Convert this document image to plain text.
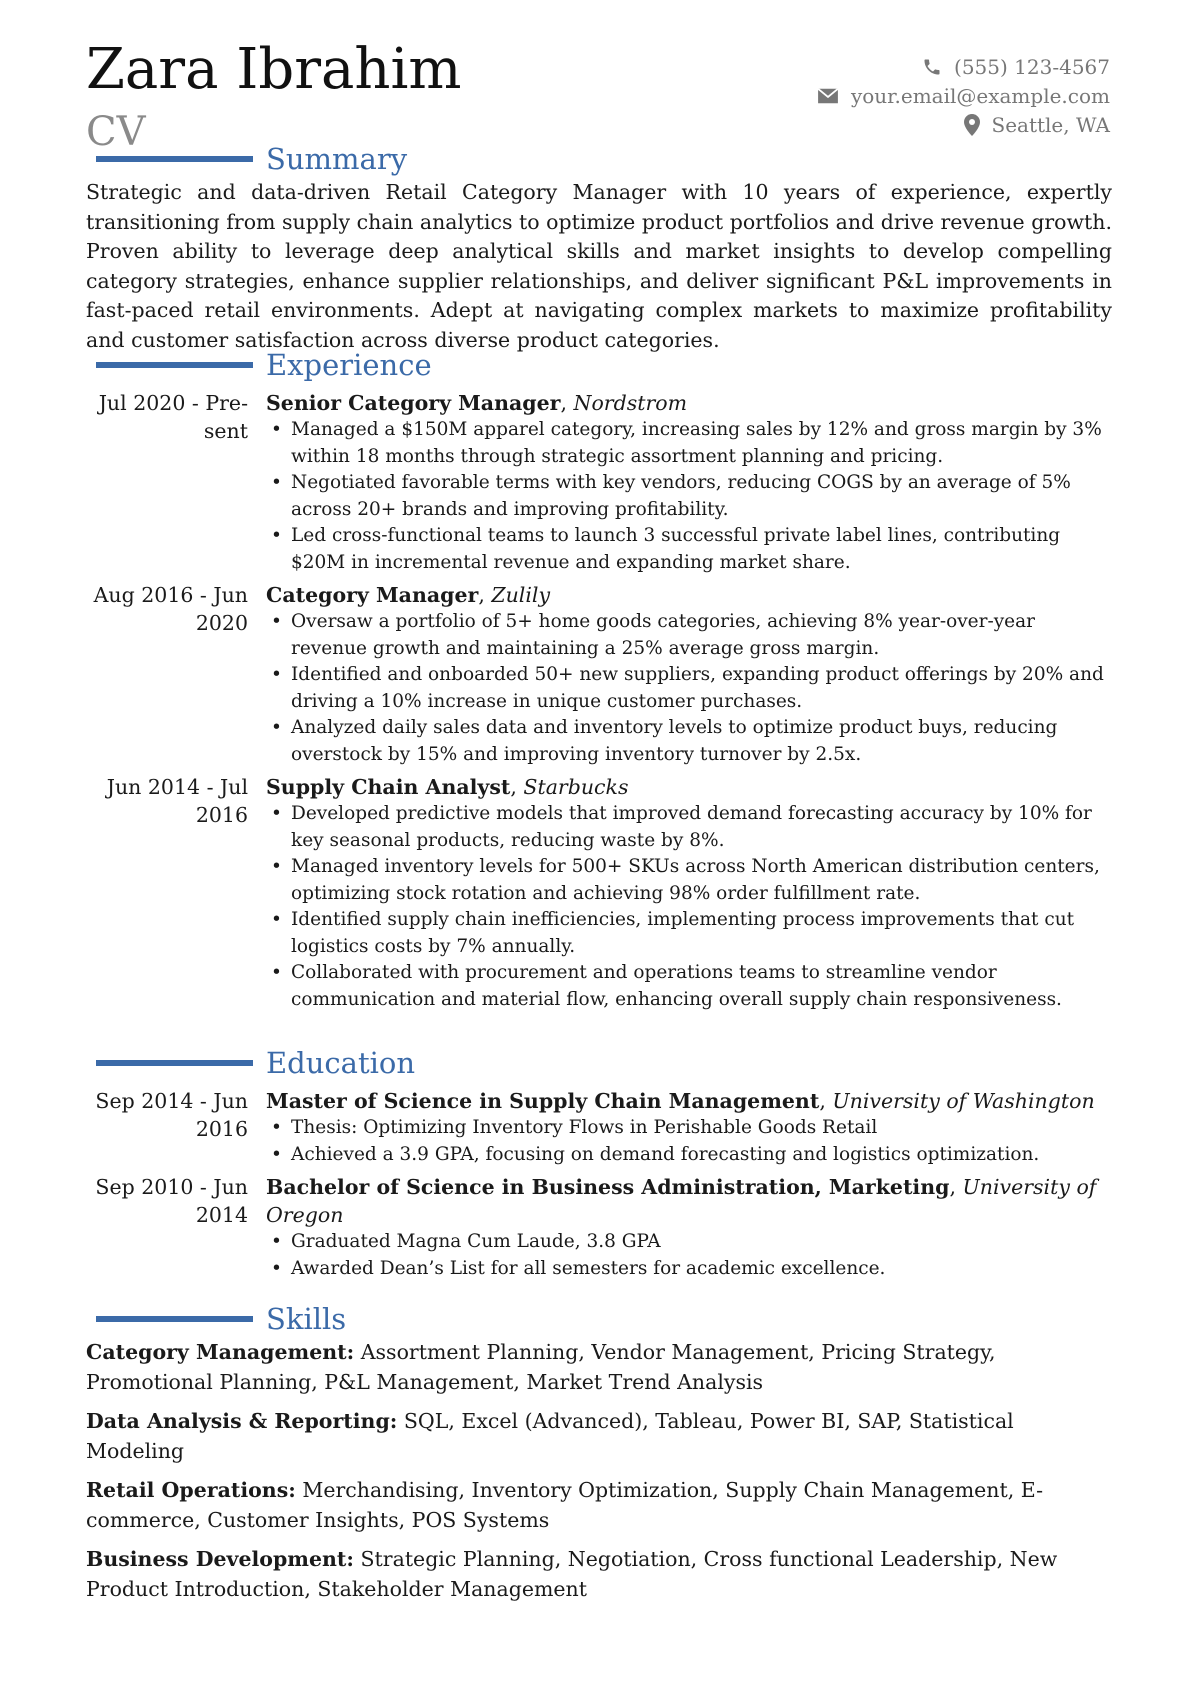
Zara Ibrahim
CV
(555) 123-4567
your.email@example.com
Seattle, WA
Summary

Strategic and data-driven Retail Category Manager with 10 years of experience, expertly transitioning from supply chain analytics to optimize product portfolios and drive revenue growth. Proven ability to leverage deep analytical skills and market insights to develop compelling category strategies, enhance supplier relationships, and deliver significant P&L improvements in fast-paced retail environments. Adept at navigating complex markets to maximize profitability and customer satisfaction across diverse product categories.

Experience
Jul 2020 - Pre-
sent
Senior Category Manager, Nordstrom
• Managed a $150M apparel category, increasing sales by 12% and gross margin by 3% within 18 months through strategic assortment planning and pricing.
• Negotiated favorable terms with key vendors, reducing COGS by an average of 5% across 20+ brands and improving profitability.
• Led cross-functional teams to launch 3 successful private label lines, contributing $20M in incremental revenue and expanding market share.
Aug 2016 - Jun
2020
Category Manager, Zulily
• Oversaw a portfolio of 5+ home goods categories, achieving 8% year-over-year revenue growth and maintaining a 25% average gross margin.
• Identified and onboarded 50+ new suppliers, expanding product offerings by 20% and driving a 10% increase in unique customer purchases.
• Analyzed daily sales data and inventory levels to optimize product buys, reducing overstock by 15% and improving inventory turnover by 2.5x.
Jun 2014 - Jul
2016
Supply Chain Analyst, Starbucks
• Developed predictive models that improved demand forecasting accuracy by 10% for key seasonal products, reducing waste by 8%.
• Managed inventory levels for 500+ SKUs across North American distribution centers, optimizing stock rotation and achieving 98% order fulfillment rate.
• Identified supply chain inefficiencies, implementing process improvements that cut logistics costs by 7% annually.
• Collaborated with procurement and operations teams to streamline vendor communication and material flow, enhancing overall supply chain responsiveness.
Education
Sep 2014 - Jun
2016
Master of Science in Supply Chain Management, University of Washington
• Thesis: Optimizing Inventory Flows in Perishable Goods Retail
• Achieved a 3.9 GPA, focusing on demand forecasting and logistics optimization.
Sep 2010 - Jun
2014
Bachelor of Science in Business Administration, Marketing, University of Oregon
• Graduated Magna Cum Laude, 3.8 GPA
• Awarded Dean’s List for all semesters for academic excellence.
Skills

Category Management: Assortment Planning, Vendor Management, Pricing Strategy, Promotional Planning, P&L Management, Market Trend Analysis

Data Analysis & Reporting: SQL, Excel (Advanced), Tableau, Power BI, SAP, Statistical Modeling

Retail Operations: Merchandising, Inventory Optimization, Supply Chain Management, E-commerce, Customer Insights, POS Systems

Business Development: Strategic Planning, Negotiation, Cross functional Leadership, New Product Introduction, Stakeholder Management
